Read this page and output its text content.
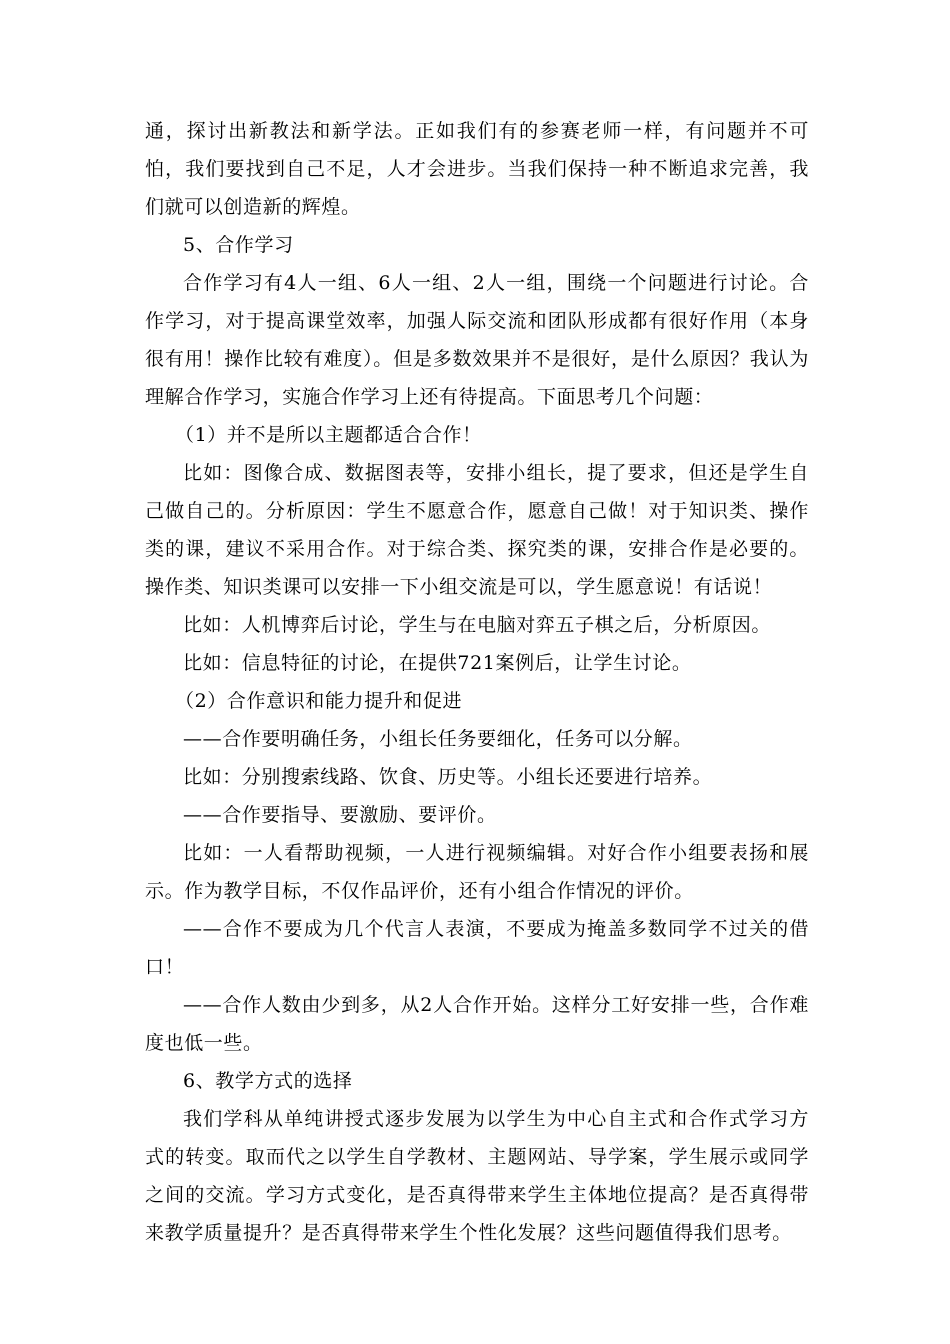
通，探讨出新教法和新学法。正如我们有的参赛老师一样，有问题并不可怕，我们要找到自己不足，人才会进步。当我们保持一种不断追求完善，我们就可以创造新的辉煌。

5、合作学习

合作学习有4人一组、6人一组、2人一组，围绕一个问题进行讨论。合作学习，对于提高课堂效率，加强人际交流和团队形成都有很好作用（本身很有用！操作比较有难度）。但是多数效果并不是很好，是什么原因？我认为理解合作学习，实施合作学习上还有待提高。下面思考几个问题：

（1）并不是所以主题都适合合作！

比如：图像合成、数据图表等，安排小组长，提了要求，但还是学生自己做自己的。分析原因：学生不愿意合作，愿意自己做！对于知识类、操作类的课，建议不采用合作。对于综合类、探究类的课，安排合作是必要的。操作类、知识类课可以安排一下小组交流是可以，学生愿意说！有话说！

比如：人机博弈后讨论，学生与在电脑对弈五子棋之后，分析原因。

比如：信息特征的讨论，在提供721案例后，让学生讨论。

（2）合作意识和能力提升和促进

——合作要明确任务，小组长任务要细化，任务可以分解。

比如：分别搜索线路、饮食、历史等。小组长还要进行培养。

——合作要指导、要激励、要评价。

比如：一人看帮助视频，一人进行视频编辑。对好合作小组要表扬和展示。作为教学目标，不仅作品评价，还有小组合作情况的评价。

——合作不要成为几个代言人表演，不要成为掩盖多数同学不过关的借口！

——合作人数由少到多，从2人合作开始。这样分工好安排一些，合作难度也低一些。

6、教学方式的选择

我们学科从单纯讲授式逐步发展为以学生为中心自主式和合作式学习方式的转变。取而代之以学生自学教材、主题网站、导学案，学生展示或同学之间的交流。学习方式变化，是否真得带来学生主体地位提高？是否真得带来教学质量提升？是否真得带来学生个性化发展？这些问题值得我们思考。
